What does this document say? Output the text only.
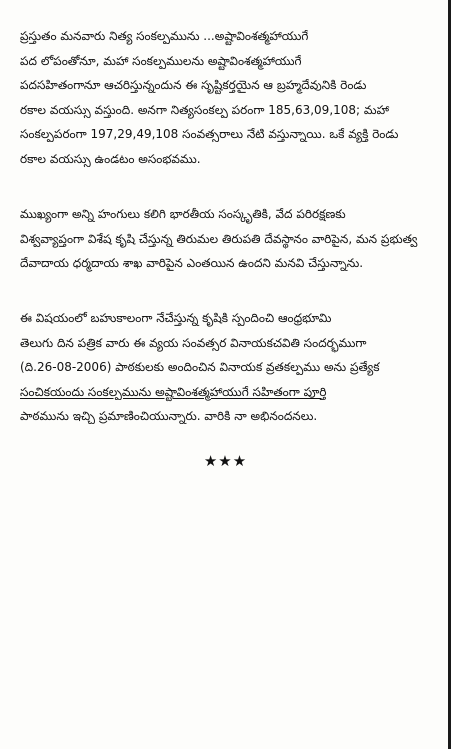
ప్రస్తుతం మనవారు నిత్య సంకల్పమును ...అష్టావింశత్మహాయుగే
పద లోపంతోనూ, మహా సంకల్పములను అష్టావింశత్మహాయుగే
పదసహితంగానూ ఆచరిస్తున్నందున ఈ సృష్టికర్తయైన ఆ బ్రహ్మదేవునికి రెండు
రకాల వయస్సు వస్తుంది. అనగా నిత్యసంకల్ప పరంగా 185,63,09,108; మహా
సంకల్పపరంగా 197,29,49,108 సంవత్సరాలు నేటి వస్తున్నాయి. ఒకే వ్యక్తి రెండు
రకాల వయస్సు ఉండటం అసంభవము.

ముఖ్యంగా అన్ని హంగులు కలిగి భారతీయ సంస్కృతికి, వేద పరిరక్షణకు
విశ్వవ్యాప్తంగా విశేష కృషి చేస్తున్న తిరుమల తిరుపతి దేవస్థానం వారిపైన, మన ప్రభుత్వ
దేవాదాయ ధర్మదాయ శాఖ వారిపైన ఎంతయిన ఉందని మనవి చేస్తున్నాను.

ఈ విషయంలో బహుకాలంగా నేచేస్తున్న కృషికి స్పందించి ఆంధ్రభూమి
తెలుగు దిన పత్రిక వారు ఈ వ్యయ సంవత్సర వినాయకచవితి సందర్భముగా
(ది.26-08-2006) పాఠకులకు అందించిన వినాయక వ్రతకల్పము అను ప్రత్యేక
సంచికయందు సంకల్పమును అష్టావింశత్మహాయుగే సహితంగా పూర్తి
పాఠమును ఇచ్చి ప్రమాణించియున్నారు. వారికి నా అభినందనలు.

★★★
